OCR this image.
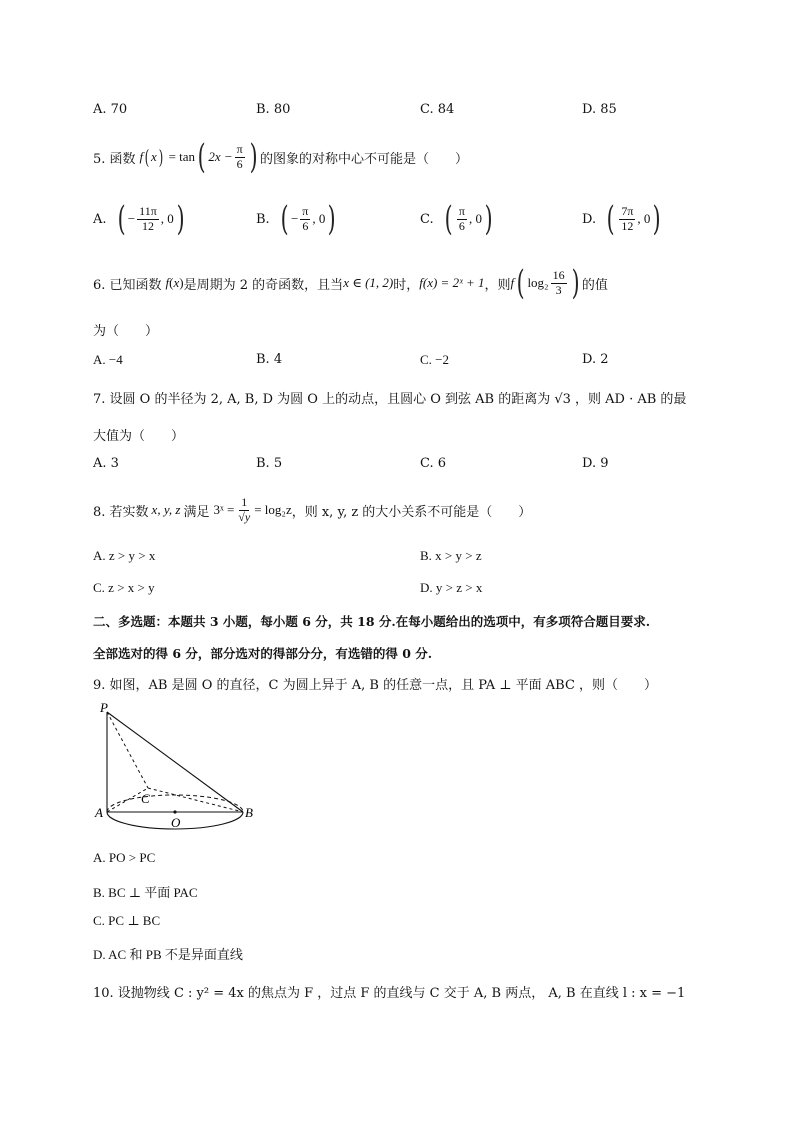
A. 70	B. 80	C. 84	D. 85
5. 函数 f ( x ) = tan ( $2x - \frac{\pi}{6}$ ) 的图象的对称中心不可能是（　　）
A. ( − $\frac{11\pi}{12}$ , 0 )	B. ( − $\frac{\pi}{6}$ , 0 )	C. ( $\frac{\pi}{6}$ , 0 )	D. ( $\frac{7\pi}{12}$ , 0 )
6. 已知函数 f ( x ) 是周期为 2 的奇函数，且当 x ∈ (1, 2) 时， f(x) = 2ˣ + 1 ，则 f ( $\log_2 \frac{16}{3}$ ) 的值
为（　　）
A. −4	B. 4	C. −2	D. 2
7. 设圆 O 的半径为 2, A, B, D 为圆 O 上的动点，且圆心 O 到弦 AB 的距离为 √3 ，则 AD · AB 的最
大值为（　　）
A. 3	B. 5	C. 6	D. 9
8. 若实数 x, y, z 满足 3ˣ = $\frac{1}{√y} = \log_2z$ ，则 x, y, z 的大小关系不可能是（　　）
A. z > y > x	B. x > y > z
C. z > x > y	D. y > z > x
二、多选题：本题共 3 小题，每小题 6 分，共 18 分.在每小题给出的选项中，有多项符合题目要求.
全部选对的得 6 分，部分选对的得部分分，有选错的得 0 分.
9. 如图，AB 是圆 O 的直径，C 为圆上异于 A, B 的任意一点，且 PA ⊥ 平面 ABC ，则（　　）
P
A	B
C
O
A. PO > PC
B. BC ⊥ 平面 PAC
C. PC ⊥ BC
D. AC 和 PB 不是异面直线
10. 设抛物线 C : y² = 4x 的焦点为 F ，过点 F 的直线与 C 交于 A, B 两点， A, B 在直线 l : x = −1
